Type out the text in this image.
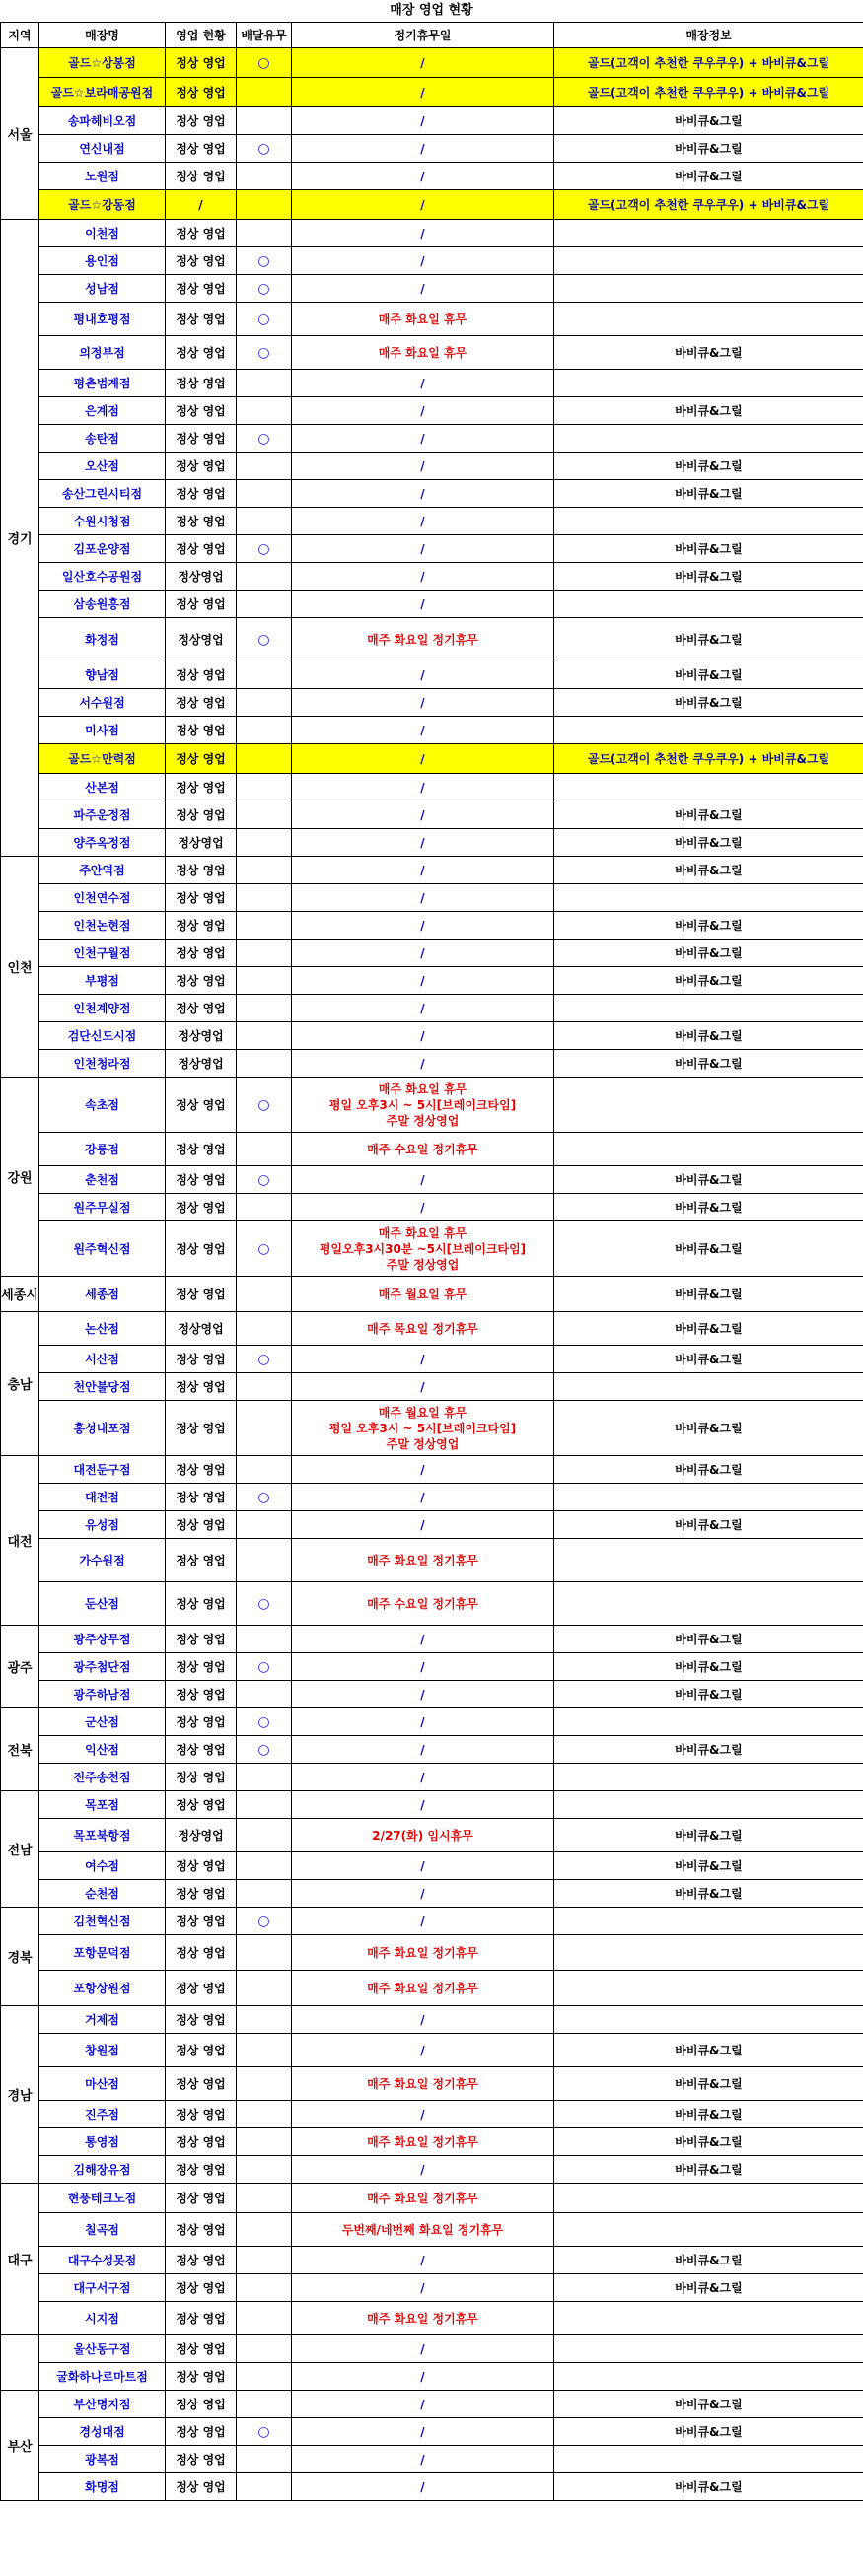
매장 영업 현황
지역	매장명	영업 현황	배달유무	정기휴무일	매장정보
서울	골드☆상봉점	정상 영업	○	/	골드(고객이 추천한 쿠우쿠우) + 바비큐&그릴
	골드☆보라매공원점	정상 영업		/	골드(고객이 추천한 쿠우쿠우) + 바비큐&그릴
	송파헤비오점	정상 영업		/	바비큐&그릴
	연신내점	정상 영업	○	/	바비큐&그릴
	노원점	정상 영업		/	바비큐&그릴
	골드☆강동점	/		/	골드(고객이 추천한 쿠우쿠우) + 바비큐&그릴
경기	이천점	정상 영업		/	
	용인점	정상 영업	○	/	
	성남점	정상 영업	○	/	
	평내호평점	정상 영업	○	매주 화요일 휴무	
	의정부점	정상 영업	○	매주 화요일 휴무	바비큐&그릴
	평촌범계점	정상 영업		/	
	은계점	정상 영업		/	바비큐&그릴
	송탄점	정상 영업	○	/	
	오산점	정상 영업		/	바비큐&그릴
	송산그린시티점	정상 영업		/	바비큐&그릴
	수원시청점	정상 영업		/	
	김포운양점	정상 영업	○	/	바비큐&그릴
	일산호수공원점	정상영업		/	바비큐&그릴
	삼송원흥점	정상 영업		/	
	화정점	정상영업	○	매주 화요일 정기휴무	바비큐&그릴
	향남점	정상 영업		/	바비큐&그릴
	서수원점	정상 영업		/	바비큐&그릴
	미사점	정상 영업		/	
	골드☆만력점	정상 영업		/	골드(고객이 추천한 쿠우쿠우) + 바비큐&그릴
	산본점	정상 영업		/	
	파주운정점	정상 영업		/	바비큐&그릴
	양주옥정점	정상영업		/	바비큐&그릴
인천	주안역점	정상 영업		/	바비큐&그릴
	인천연수점	정상 영업		/	
	인천논현점	정상 영업		/	바비큐&그릴
	인천구월점	정상 영업		/	바비큐&그릴
	부평점	정상 영업		/	바비큐&그릴
	인천계양점	정상 영업		/	
	검단신도시점	정상영업		/	바비큐&그릴
	인천청라점	정상영업		/	바비큐&그릴
강원	속초점	정상 영업	○	매주 화요일 휴무
평일 오후3시 ~ 5시[브레이크타임]
주말 정상영업	

	강릉점	정상 영업		매주 수요일 정기휴무	
	춘천점	정상 영업	○	/	바비큐&그릴
	원주무실점	정상 영업		/	바비큐&그릴
	원주혁신점	정상 영업	○	매주 화요일 휴무
평일오후3시30분 ~5시[브레이크타임]
주말 정상영업	바비큐&그릴
세종시	세종점	정상 영업		매주 월요일 휴무	바비큐&그릴
충남	논산점	정상영업		매주 목요일 정기휴무	바비큐&그릴
	서산점	정상 영업	○	/	바비큐&그릴
	천안불당점	정상 영업		/	
	홍성내포점	정상 영업		매주 월요일 휴무
평일 오후3시 ~ 5시[브레이크타임]
주말 정상영업	바비큐&그릴
대전	대전둔구점	정상 영업		/	바비큐&그릴
	대전점	정상 영업	○	/	
	유성점	정상 영업		/	바비큐&그릴
	가수원점	정상 영업		매주 화요일 정기휴무	
	둔산점	정상 영업	○	매주 수요일 정기휴무	
광주	광주상무점	정상 영업		/	바비큐&그릴
	광주첨단점	정상 영업	○	/	바비큐&그릴
	광주하남점	정상 영업		/	바비큐&그릴
전북	군산점	정상 영업	○	/	
	익산점	정상 영업	○	/	바비큐&그릴
	전주송천점	정상 영업		/	
전남	목포점	정상 영업		/	
	목포북항점	정상영업		2/27(화) 임시휴무	바비큐&그릴
	여수점	정상 영업		/	바비큐&그릴
	순천점	정상 영업		/	바비큐&그릴
경북	김천혁신점	정상 영업	○	/	
	포항문덕점	정상 영업		매주 화요일 정기휴무	
	포항상원점	정상 영업		매주 화요일 정기휴무	
경남	거제점	정상 영업		/	
	창원점	정상 영업		/	바비큐&그릴
	마산점	정상 영업		매주 화요일 정기휴무	바비큐&그릴
	진주점	정상 영업		/	바비큐&그릴
	통영점	정상 영업		매주 화요일 정기휴무	바비큐&그릴
	김해장유점	정상 영업		/	바비큐&그릴
대구	현풍테크노점	정상 영업		매주 화요일 정기휴무	
	칠곡점	정상 영업		두번째/네번째 화요일 정기휴무	
	대구수성못점	정상 영업		/	바비큐&그릴
	대구서구점	정상 영업		/	바비큐&그릴
	시지점	정상 영업		매주 화요일 정기휴무	
	울산동구점	정상 영업		/	
	굴화하나로마트점	정상 영업		/	
부산	부산명지점	정상 영업		/	바비큐&그릴
	경성대점	정상 영업	○	/	바비큐&그릴
	광복점	정상 영업		/	
	화명점	정상 영업		/	바비큐&그릴
